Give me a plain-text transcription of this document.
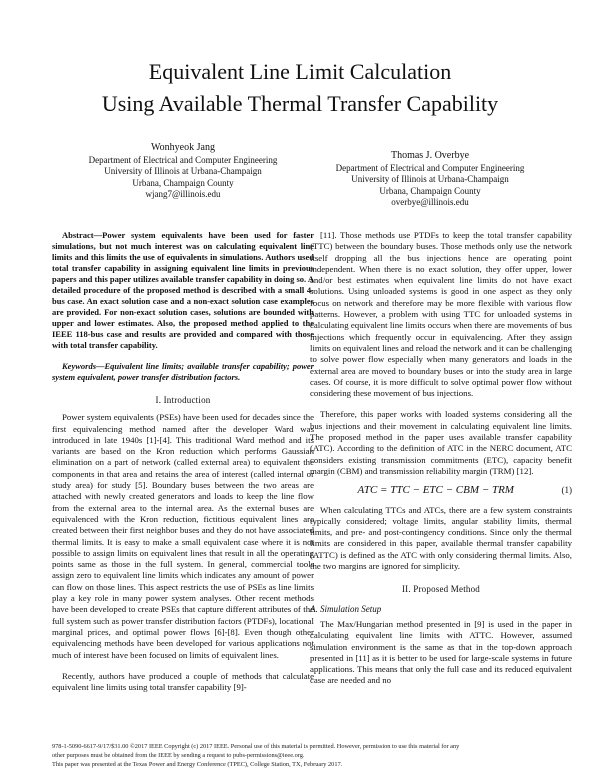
Equivalent Line Limit Calculation
Using Available Thermal Transfer Capability
Wonhyeok Jang
Department of Electrical and Computer Engineering
University of Illinois at Urbana-Champaign
Urbana, Champaign County
wjang7@illinois.edu
Thomas J. Overbye
Department of Electrical and Computer Engineering
University of Illinois at Urbana-Champaign
Urbana, Champaign County
overbye@illinois.edu
Abstract—Power system equivalents have been used for faster simulations, but not much interest was on calculating equivalent line limits and this limits the use of equivalents in simulations. Authors used total transfer capability in assigning equivalent line limits in previous papers and this paper utilizes available transfer capability in doing so. A detailed procedure of the proposed method is described with a small 4-bus case. An exact solution case and a non-exact solution case examples are provided. For non-exact solution cases, solutions are bounded with upper and lower estimates. Also, the proposed method applied to the IEEE 118-bus case and results are provided and compared with those with total transfer capability.
Keywords—Equivalent line limits; available transfer capability; power system equivalent, power transfer distribution factors.
I. Introduction

Power system equivalents (PSEs) have been used for decades since the first equivalencing method named after the developer Ward was introduced in late 1940s [1]-[4]. This traditional Ward method and its variants are based on the Kron reduction which performs Gaussian elimination on a part of network (called external area) to equivalent the components in that area and retains the area of interest (called internal or study area) for study [5]. Boundary buses between the two areas are attached with newly created generators and loads to keep the line flow from the external area to the internal area. As the external buses are equivalenced with the Kron reduction, fictitious equivalent lines are created between their first neighbor buses and they do not have associated thermal limits. It is easy to make a small equivalent case where it is not possible to assign limits on equivalent lines that result in all the operating points same as those in the full system. In general, commercial tools assign zero to equivalent line limits which indicates any amount of power can flow on those lines. This aspect restricts the use of PSEs as line limits play a key role in many power system analyses. Other recent methods have been developed to create PSEs that capture different attributes of the full system such as power transfer distribution factors (PTDFs), locational marginal prices, and optimal power flows [6]-[8]. Even though other equivalencing methods have been developed for various applications not much of interest have been focused on limits of equivalent lines.

Recently, authors have produced a couple of methods that calculate equivalent line limits using total transfer capability [9]-

[11]. Those methods use PTDFs to keep the total transfer capability (TTC) between the boundary buses. Those methods only use the network itself dropping all the bus injections hence are operating point independent. When there is no exact solution, they offer upper, lower and/or best estimates when equivalent line limits do not have exact solutions. Using unloaded systems is good in one aspect as they only focus on network and therefore may be more flexible with various flow patterns. However, a problem with using TTC for unloaded systems in calculating equivalent line limits occurs when there are movements of bus injections which frequently occur in equivalencing. After they assign limits on equivalent lines and reload the network and it can be challenging to solve power flow especially when many generators and loads in the external area are moved to boundary buses or into the study area in large cases. Of course, it is more difficult to solve optimal power flow without considering these movement of bus injections.

Therefore, this paper works with loaded systems considering all the bus injections and their movement in calculating equivalent line limits. The proposed method in the paper uses available transfer capability (ATC). According to the definition of ATC in the NERC document, ATC considers existing transmission commitments (ETC), capacity benefit margin (CBM) and transmission reliability margin (TRM) [12].

ATC = TTC − ETC − CBM − TRM	(1)

When calculating TTCs and ATCs, there are a few system constraints typically considered; voltage limits, angular stability limits, thermal limits, and pre- and post-contingency conditions. Since only the thermal limits are considered in this paper, available thermal transfer capability (ATTC) is defined as the ATC with only considering thermal limits. Also, the two margins are ignored for simplicity.

II. Proposed Method
A. Simulation Setup

The Max/Hungarian method presented in [9] is used in the paper in calculating equivalent line limits with ATTC. However, assumed simulation environment is the same as that in the top-down approach presented in [11] as it is better to be used for large-scale systems in future applications. This means that only the full case and its reduced equivalent case are needed and no

978-1-5090-6617-9/17/$31.00 ©2017 IEEE Copyright (c) 2017 IEEE. Personal use of this material is permitted. However, permission to use this material for any
other purposes must be obtained from the IEEE by sending a request to pubs-permissions@ieee.org.
This paper was presented at the Texas Power and Energy Conference (TPEC), College Station, TX, February 2017.
